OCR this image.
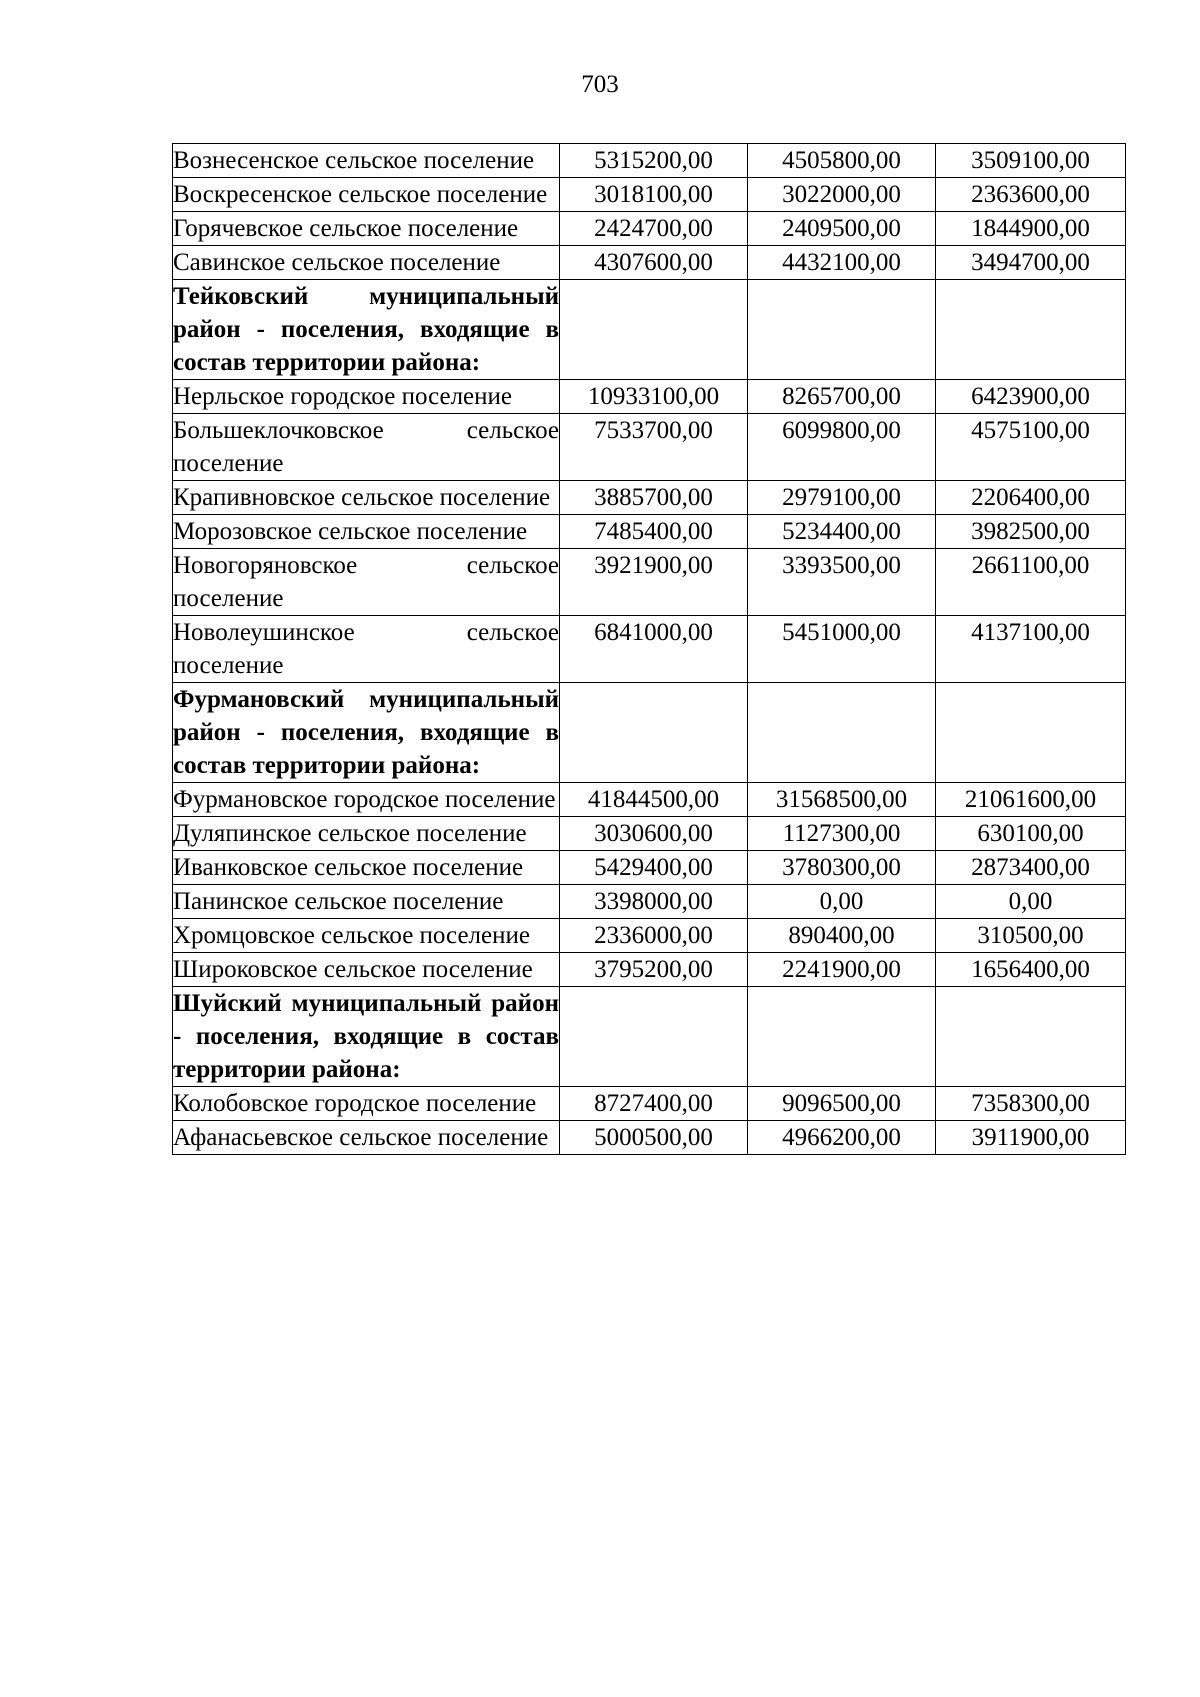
703
Вознесенское сельское поселение	5315200,00	4505800,00	3509100,00
Воскресенское сельское поселение	3018100,00	3022000,00	2363600,00
Горячевское сельское поселение	2424700,00	2409500,00	1844900,00
Савинское сельское поселение	4307600,00	4432100,00	3494700,00
Тейковский муниципальный район - поселения, входящие в состав территории района:			
Нерльское городское поселение	10933100,00	8265700,00	6423900,00
Большеклочковское сельское поселение	7533700,00	6099800,00	4575100,00
Крапивновское сельское поселение	3885700,00	2979100,00	2206400,00
Морозовское сельское поселение	7485400,00	5234400,00	3982500,00
Новогоряновское сельское поселение	3921900,00	3393500,00	2661100,00
Новолеушинское сельское поселение	6841000,00	5451000,00	4137100,00
Фурмановский муниципальный район - поселения, входящие в состав территории района:			
Фурмановское городское поселение	41844500,00	31568500,00	21061600,00
Дуляпинское сельское поселение	3030600,00	1127300,00	630100,00
Иванковское сельское поселение	5429400,00	3780300,00	2873400,00
Панинское сельское поселение	3398000,00	0,00	0,00
Хромцовское сельское поселение	2336000,00	890400,00	310500,00
Широковское сельское поселение	3795200,00	2241900,00	1656400,00
Шуйский муниципальный район - поселения, входящие в состав территории района:			
Колобовское городское поселение	8727400,00	9096500,00	7358300,00
Афанасьевское сельское поселение	5000500,00	4966200,00	3911900,00
